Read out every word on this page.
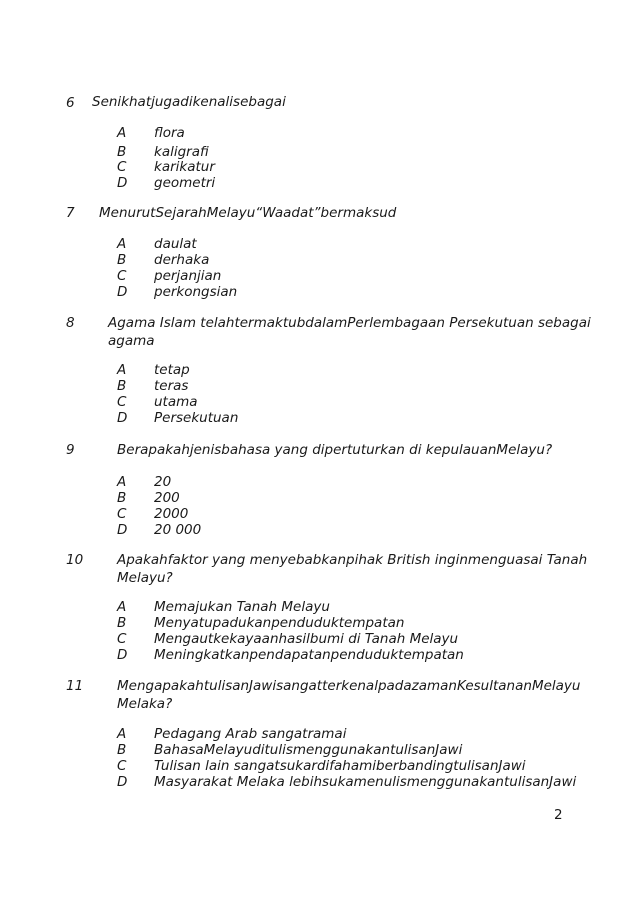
6 Senikhatjugadikenalisebagai
A flora
B kaligrafi
C karikatur
D geometri
7 MenurutSejarahMelayu“Waadat”bermaksud
A daulat
B derhaka
C perjanjian
D perkongsian
8 Agama Islam telahtermaktubdalamPerlembagaan Persekutuan sebagai
agama
A tetap
B teras
C utama
D Persekutuan
9	Berapakahjenisbahasa yang dipertuturkan di kepulauanMelayu?
A 20
B 200
C 2000
D 20 000
10	Apakahfaktor yang menyebabkanpihak British inginmenguasai Tanah
Melayu?
A Memajukan Tanah Melayu
B Menyatupadukanpenduduktempatan
C Mengautkekayaanhasilbumi di Tanah Melayu
D Meningkatkanpendapatanpenduduktempatan
11	MengapakahtulisanJawisangatterkenalpadazamanKesultananMelayu
Melaka?
A Pedagang Arab sangatramai
B BahasaMelayuditulismenggunakantulisanJawi
C Tulisan lain sangatsukardifahamiberbandingtulisanJawi
D Masyarakat Melaka lebihsukamenulismenggunakantulisanJawi
2
